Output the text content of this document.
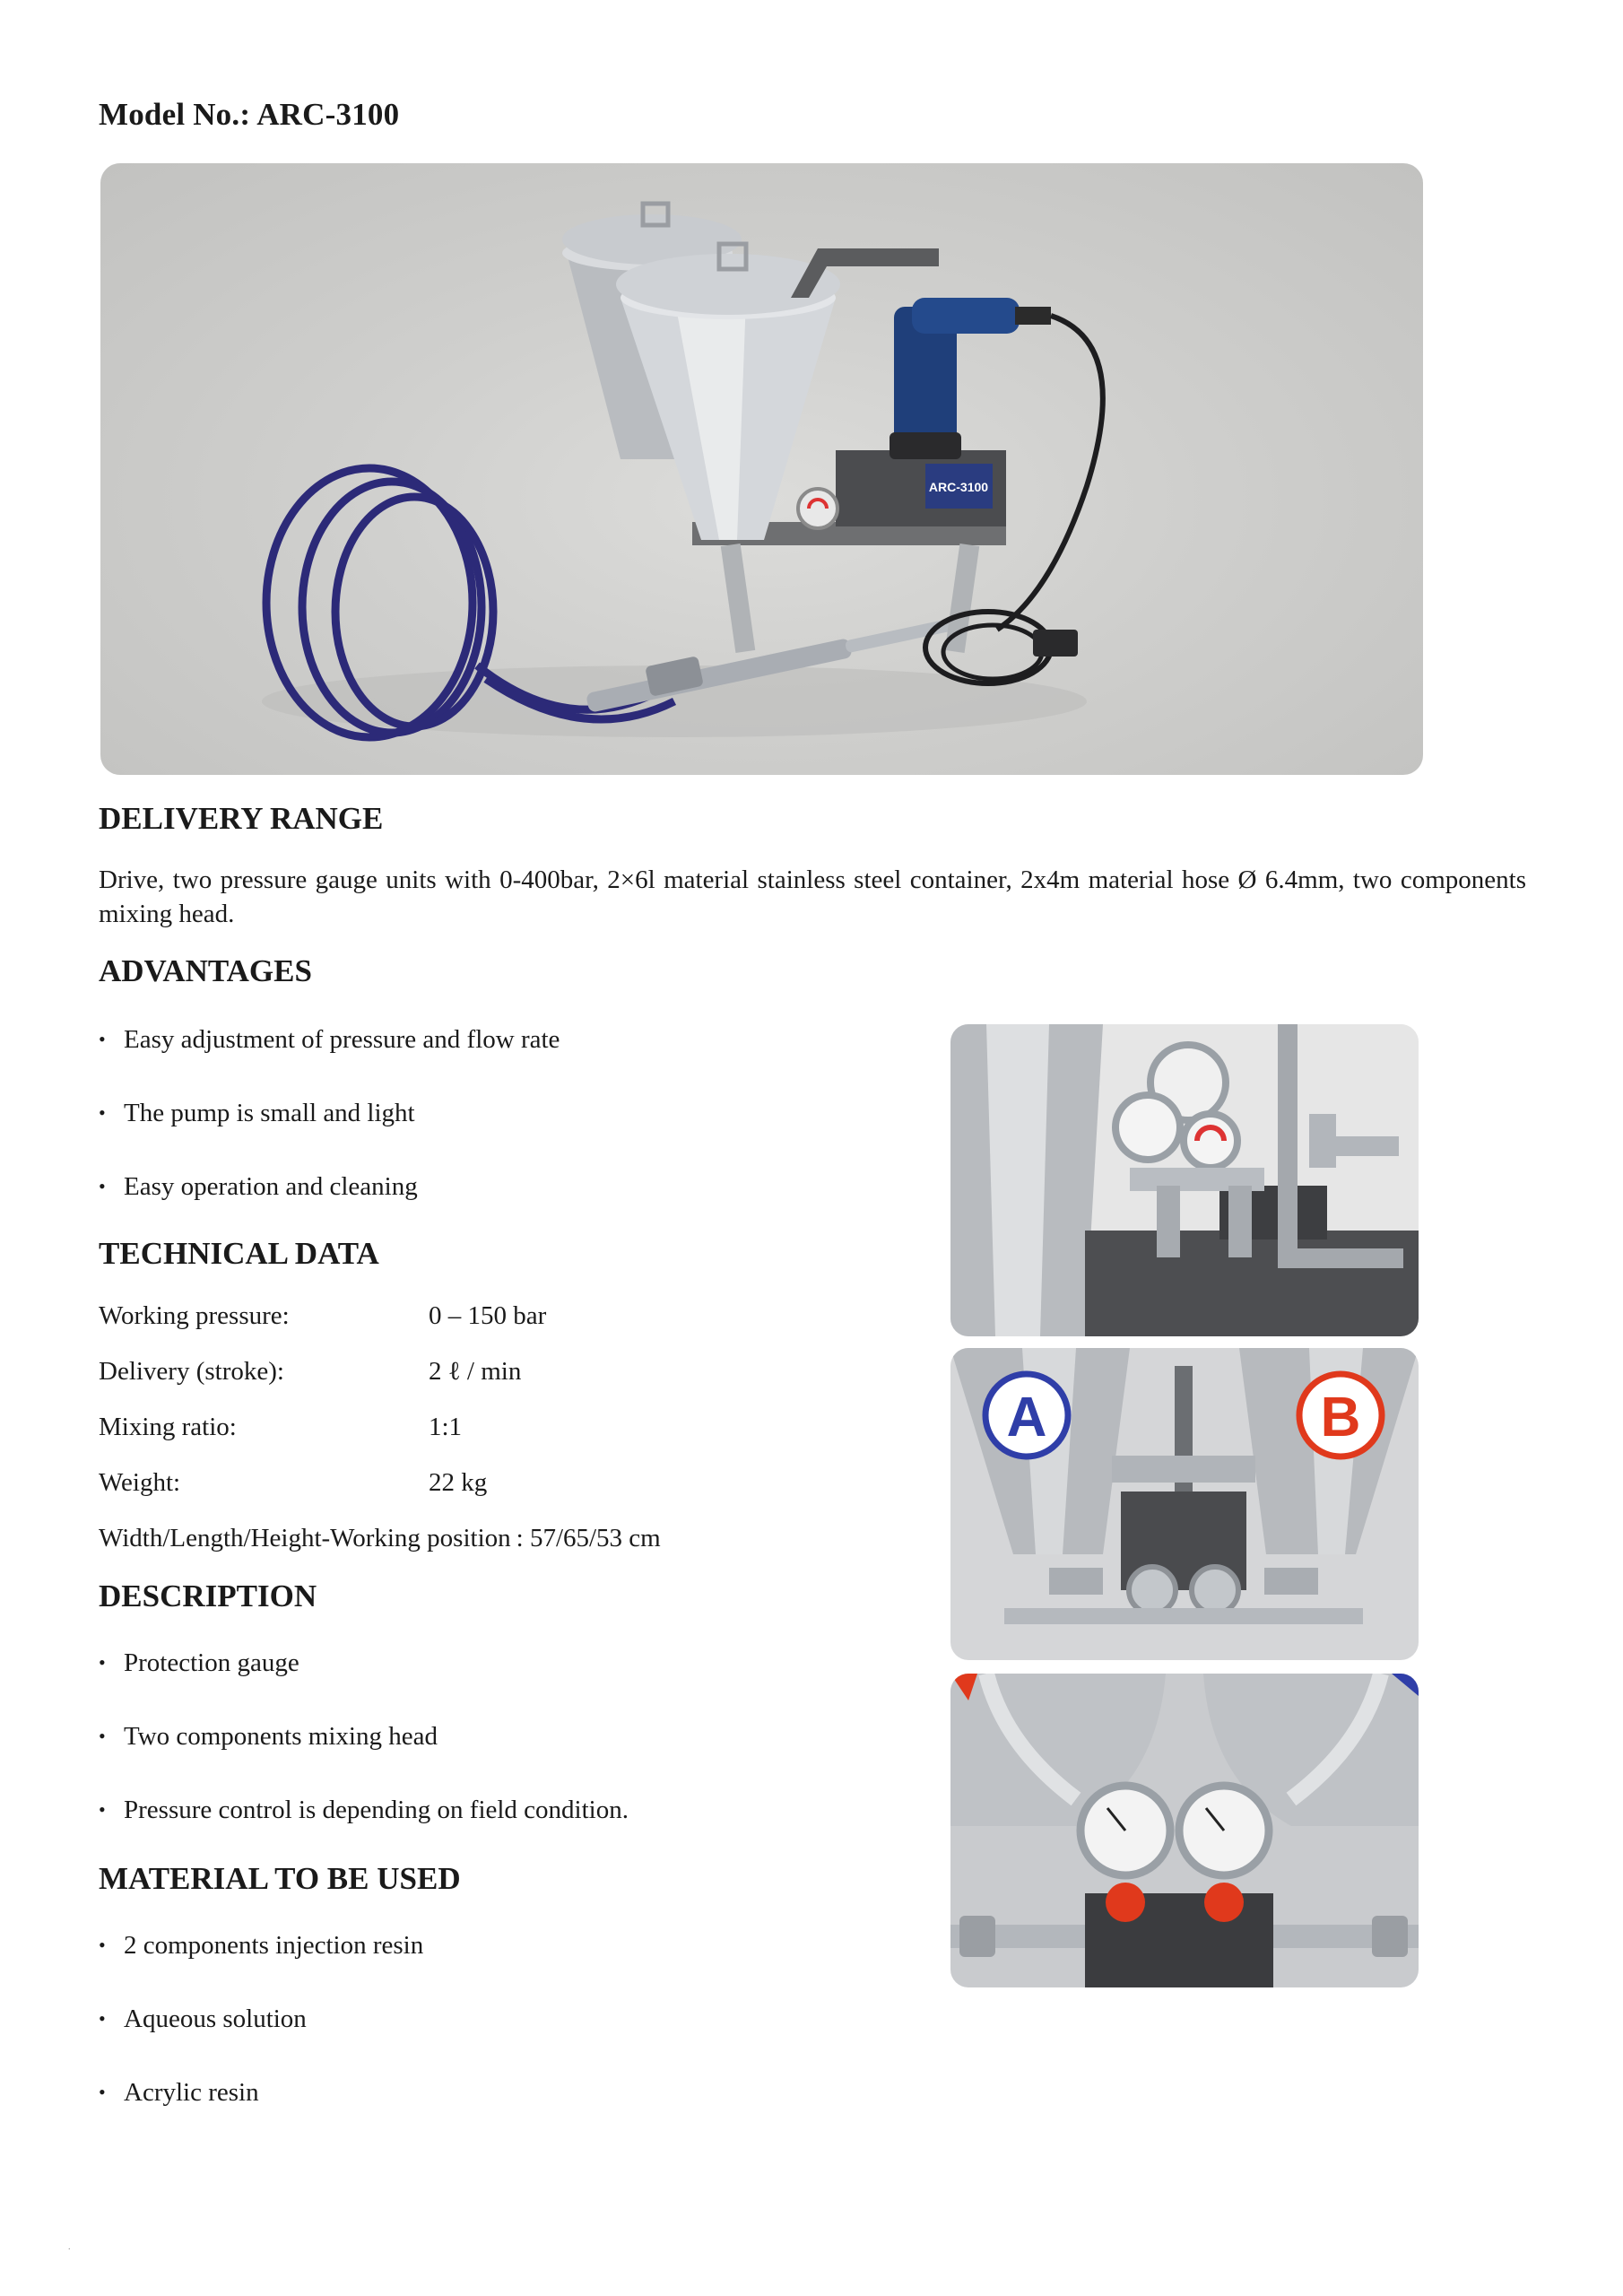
Model No.: ARC-3100
ARC-3100
DELIVERY RANGE

Drive, two pressure gauge units with 0-400bar, 2×6l material stainless steel container, 2x4m material hose Ø 6.4mm, two components mixing head.

ADVANTAGES
• Easy adjustment of pressure and flow rate
• The pump is small and light
• Easy operation and cleaning
TECHNICAL DATA
Working pressure:	0 – 150 bar
Delivery (stroke):	2 ℓ / min
Mixing ratio:	1:1
Weight:	22 kg
Width/Length/Height-Working position : 57/65/53 cm
DESCRIPTION
• Protection gauge
• Two components mixing head
• Pressure control is depending on field condition.
MATERIAL TO BE USED
• 2 components injection resin
• Aqueous solution
• Acrylic resin
A	B
.
